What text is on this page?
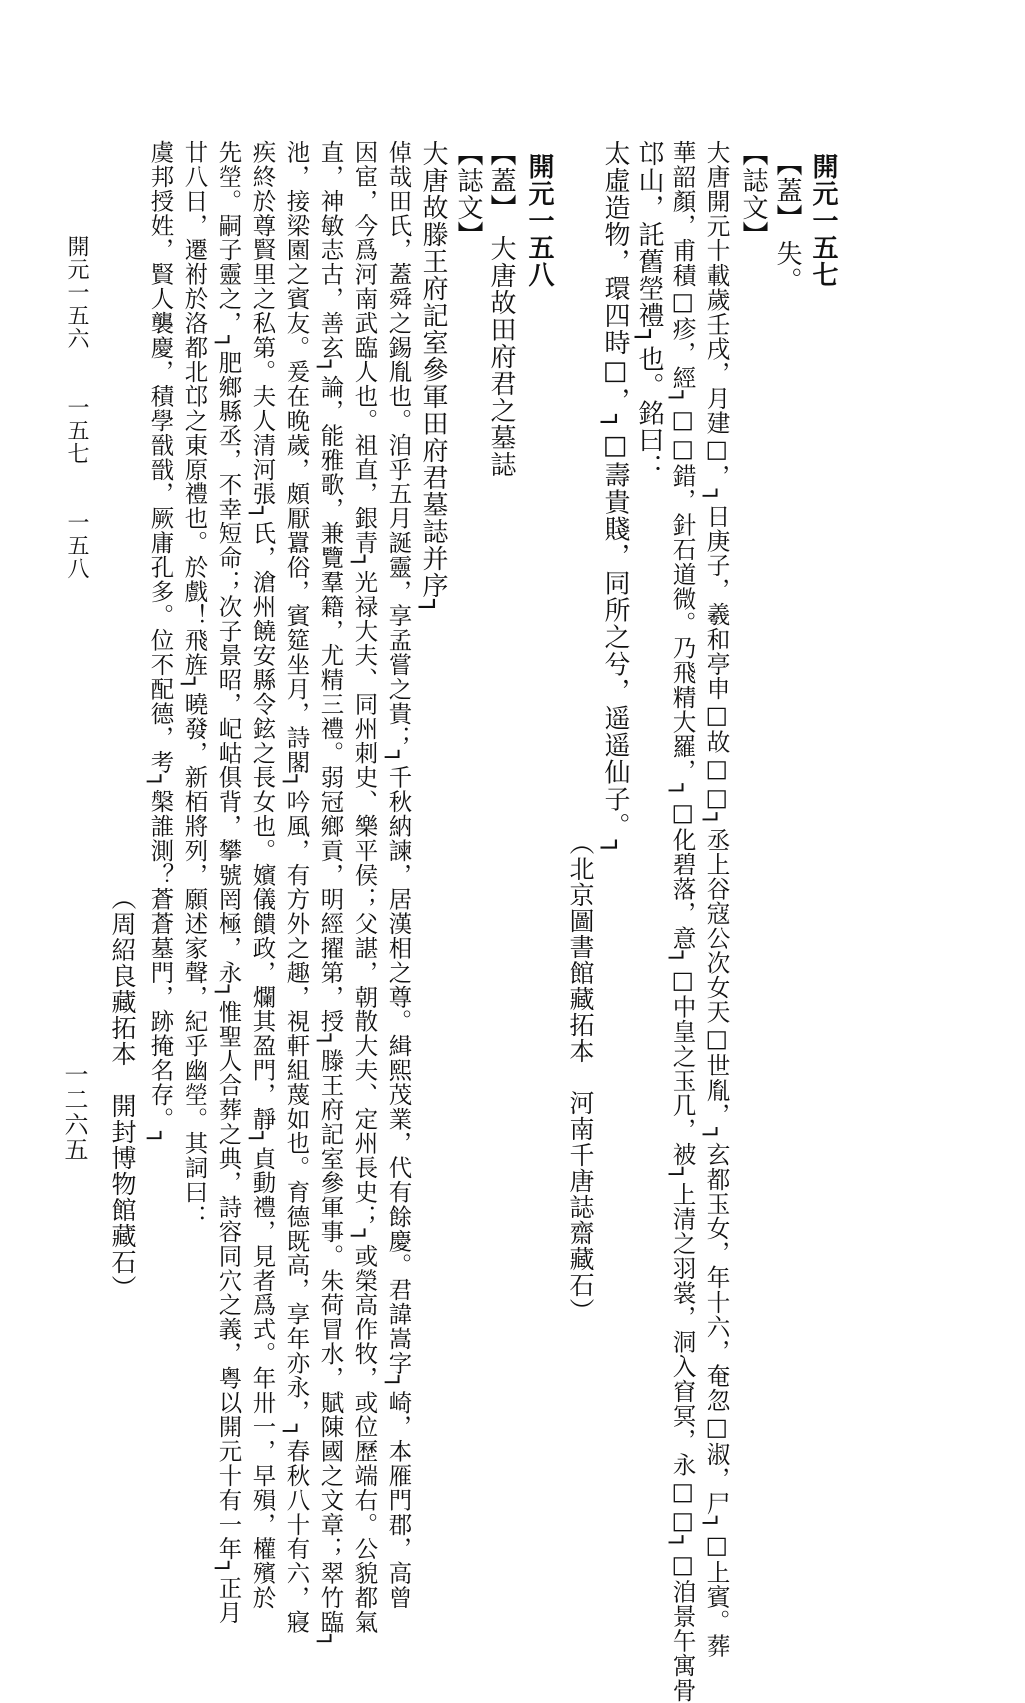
開元一五七
【蓋】 失。
【誌文】
大唐開元十載歲壬戌，月建□，┐日庚子，羲和亭申□故□□┐丞上谷寇公次女天□世胤，┐玄都玉女，年十六，奄忽□淑，尸┐□上賓。葬
華韶顏，甫積□疹，經┐□□錯，針石道微。乃飛精大羅，┐□化碧落，意┐□中皇之玉几，被┐上清之羽裳，洞入窅冥，永□□┐□洎景午寓骨
邙山，託舊塋禮┐也。銘曰：
太虛造物，環四時□，┐□壽貴賤，同所之兮，遥遥仙子。┐
（北京圖書館藏拓本　河南千唐誌齋藏石）
開元一五八
【蓋】　大唐故田府君之墓誌
【誌文】
大唐故滕王府記室參軍田府君墓誌并序┐
倬哉田氏，蓋舜之錫胤也。洎乎五月誕靈，享孟嘗之貴；┐千秋納諫，居漢相之尊。緝熙茂業，代有餘慶。君諱嵩字┐崎，本雁門郡，高曾
因宦，今爲河南武臨人也。祖直，銀青┐光禄大夫、同州刺史、樂平侯；父諶，朝散大夫、定州長史；┐或榮高作牧，或位歷端右。公貌都氣
直，神敏志古，善玄┐論，能雅歌，兼覽羣籍，尤精三禮。弱冠鄉貢，明經擢第，授┐滕王府記室參軍事。朱荷冒水，賦陳國之文章；翠竹臨┐
池，接梁園之賓友。爰在晚歲，頗厭囂俗，賓筵坐月，詩閣┐吟風，有方外之趣，視軒組蔑如也。育德既高，享年亦永，┐春秋八十有六，寢
疾終於尊賢里之私第。夫人清河張┐氏，滄州饒安縣令鉉之長女也。嬪儀饋政，爛其盈門，靜┐貞動禮，見者爲式。年卅一，早殞，權殯於
先塋。嗣子靈之，┐肥鄉縣丞，不幸短命；次子景昭，屺岵俱背，攀號罔極，永┐惟聖人合葬之典，詩容同穴之義，粤以開元十有一年┐正月
廿八日，遷祔於洛都北邙之東原禮也。於戲！飛旌┐曉發，新栢將列，願述家聲，紀乎幽塋。其詞曰：
虞邦授姓，賢人襲慶，積學戩戩，厥庸孔多。位不配德，考┐槃誰測？蒼蒼墓門，跡掩名存。┐
（周紹良藏拓本　開封博物館藏石）
開元一五六　　一五七　　一五八
一二六五
